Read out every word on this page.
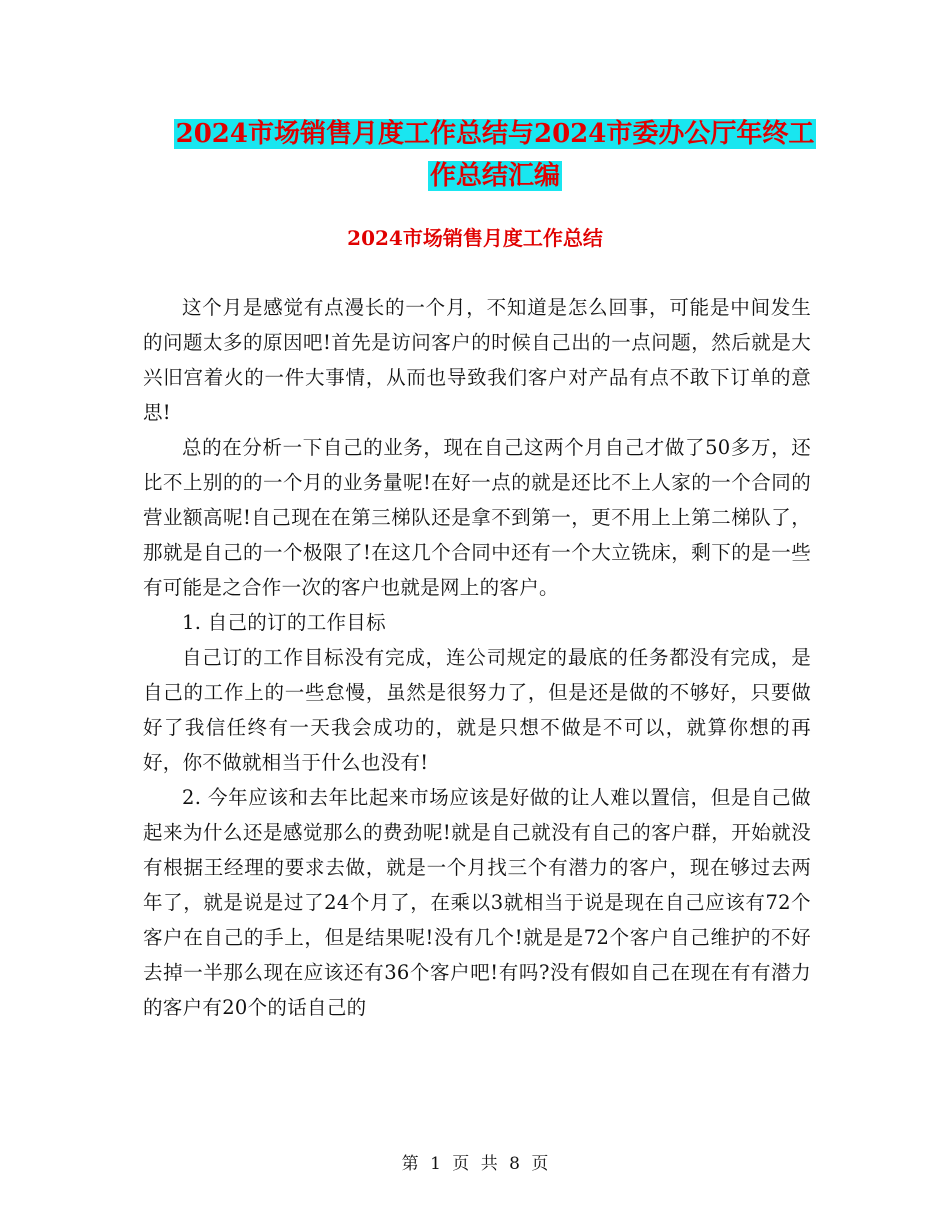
2024市场销售月度工作总结与2024市委办公厅年终工
作总结汇编
2024市场销售月度工作总结

这个月是感觉有点漫长的一个月，不知道是怎么回事，可能是中间发生的问题太多的原因吧!首先是访问客户的时候自己出的一点问题，然后就是大兴旧宫着火的一件大事情，从而也导致我们客户对产品有点不敢下订单的意思!

总的在分析一下自己的业务，现在自己这两个月自己才做了50多万，还比不上别的的一个月的业务量呢!在好一点的就是还比不上人家的一个合同的营业额高呢!自己现在在第三梯队还是拿不到第一，更不用上上第二梯队了，那就是自己的一个极限了!在这几个合同中还有一个大立铣床，剩下的是一些有可能是之合作一次的客户也就是网上的客户。

1. 自己的订的工作目标

自己订的工作目标没有完成，连公司规定的最底的任务都没有完成，是自己的工作上的一些怠慢，虽然是很努力了，但是还是做的不够好，只要做好了我信任终有一天我会成功的，就是只想不做是不可以，就算你想的再好，你不做就相当于什么也没有!

2. 今年应该和去年比起来市场应该是好做的让人难以置信，但是自己做起来为什么还是感觉那么的费劲呢!就是自己就没有自己的客户群，开始就没有根据王经理的要求去做，就是一个月找三个有潜力的客户，现在够过去两年了，就是说是过了24个月了，在乘以3就相当于说是现在自己应该有72个客户在自己的手上，但是结果呢!没有几个!就是是72个客户自己维护的不好去掉一半那么现在应该还有36个客户吧!有吗?没有假如自己在现在有有潜力的客户有20个的话自己的

第 1 页 共 8 页
